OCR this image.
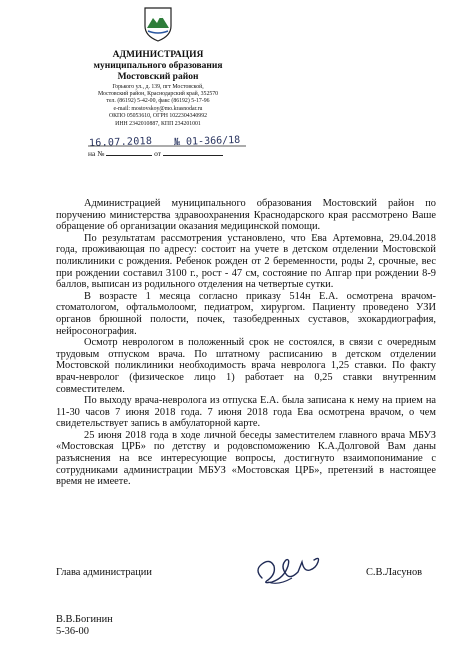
АДМИНИСТРАЦИЯ
муниципального образования
Мостовский район
Горького ул., д. 139, пгт Мостовской,
Мостовский район, Краснодарский край, 352570
тел. (86192) 5-42-00, факс (86192) 5-17-96
e-mail: mostovskoy@mo.krasnodar.ru
ОКПО 05053610, ОГРН 1022304340992
ИНН 2342010887, КПП 234201001
16.07.2018 № 01-366/18
на №	от

Администрацией муниципального образования Мостовский район по поручению министерства здравоохранения Краснодарского края рассмотрено Ваше обращение об организации оказания медицинской помощи.

По результатам рассмотрения установлено, что Ева Артемовна, 29.04.2018 года, проживающая по адресу: состоит на учете в детском отделении Мостовской поликлиники с рождения. Ребенок рожден от 2 беременности, роды 2, срочные, вес при рождении составил 3100 г., рост - 47 см, состояние по Апгар при рождении 8-9 баллов, выписан из родильного отделения на четвертые сутки.

В возрасте 1 месяца согласно приказу 514н Е.А. осмотрена врачом-стоматологом, офтальмолоомг, педиатром, хирургом. Пациенту проведено УЗИ органов брюшной полости, почек, тазобедренных суставов, эхокардиография, нейросонография.

Осмотр неврологом в положенный срок не состоялся, в связи с очередным трудовым отпуском врача. По штатному расписанию в детском отделении Мостовской поликлиники необходимость врача невролога 1,25 ставки. По факту врач-невролог (физическое лицо 1) работает на 0,25 ставки внутренним совместителем.

По выходу врача-невролога из отпуска Е.А. была записана к нему на прием на 11-30 часов 7 июня 2018 года. 7 июня 2018 года Ева осмотрена врачом, о чем свидетельствует запись в амбулаторной карте.

25 июня 2018 года в ходе личной беседы заместителем главного врача МБУЗ «Мостовская ЦРБ» по детству и родовспоможению К.А.Долговой Вам даны разъяснения на все интересующие вопросы, достигнуто взаимопонимание с сотрудниками администрации МБУЗ «Мостовская ЦРБ», претензий в настоящее время не имеете.

Глава администрации	С.В.Ласунов
В.В.Богинин
5-36-00
